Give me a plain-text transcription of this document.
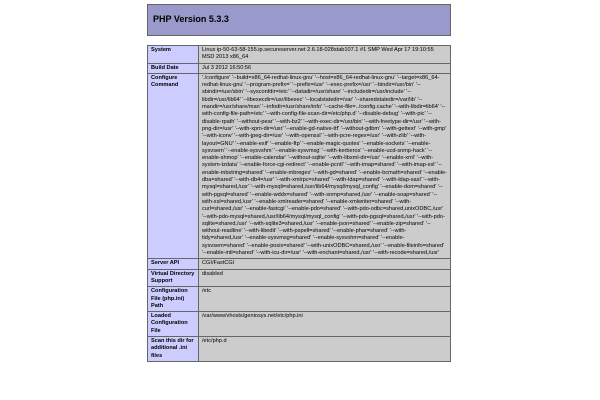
PHP Version 5.3.3
System	Linux ip-50-63-58-155.ip.secureserver.net 2.6.18-028stab107.1 #1 SMP Wed Apr 17 19:10:55 MSD 2013 x86_64
Build Date	Jul 3 2012 16:50:56
Configure Command	'./configure' '--build=x86_64-redhat-linux-gnu' '--host=x86_64-redhat-linux-gnu' '--target=x86_64-redhat-linux-gnu' '--program-prefix=' '--prefix=/usr' '--exec-prefix=/usr' '--bindir=/usr/bin' '--sbindir=/usr/sbin' '--sysconfdir=/etc' '--datadir=/usr/share' '--includedir=/usr/include' '--libdir=/usr/lib64' '--libexecdir=/usr/libexec' '--localstatedir=/var' '--sharedstatedir=/var/lib' '--mandir=/usr/share/man' '--infodir=/usr/share/info' '--cache-file=../config.cache' '--with-libdir=lib64' '--with-config-file-path=/etc' '--with-config-file-scan-dir=/etc/php.d' '--disable-debug' '--with-pic' '--disable-rpath' '--without-pear' '--with-bz2' '--with-exec-dir=/usr/bin' '--with-freetype-dir=/usr' '--with-png-dir=/usr' '--with-xpm-dir=/usr' '--enable-gd-native-ttf' '--without-gdbm' '--with-gettext' '--with-gmp' '--with-iconv' '--with-jpeg-dir=/usr' '--with-openssl' '--with-pcre-regex=/usr' '--with-zlib' '--with-layout=GNU' '--enable-exif' '--enable-ftp' '--enable-magic-quotes' '--enable-sockets' '--enable-sysvsem' '--enable-sysvshm' '--enable-sysvmsg' '--with-kerberos' '--enable-ucd-snmp-hack' '--enable-shmop' '--enable-calendar' '--without-sqlite' '--with-libxml-dir=/usr' '--enable-xml' '--with-system-tzdata' '--enable-force-cgi-redirect' '--enable-pcntl' '--with-imap=shared' '--with-imap-ssl' '--enable-mbstring=shared' '--enable-mbregex' '--with-gd=shared' '--enable-bcmath=shared' '--enable-dba=shared' '--with-db4=/usr' '--with-xmlrpc=shared' '--with-ldap=shared' '--with-ldap-sasl' '--with-mysql=shared,/usr' '--with-mysqli=shared,/usr/lib64/mysql/mysql_config' '--enable-dom=shared' '--with-pgsql=shared' '--enable-wddx=shared' '--with-snmp=shared,/usr' '--enable-soap=shared' '--with-xsl=shared,/usr' '--enable-xmlreader=shared' '--enable-xmlwriter=shared' '--with-curl=shared,/usr' '--enable-fastcgi' '--enable-pdo=shared' '--with-pdo-odbc=shared,unixODBC,/usr' '--with-pdo-mysql=shared,/usr/lib64/mysql/mysql_config' '--with-pdo-pgsql=shared,/usr' '--with-pdo-sqlite=shared,/usr' '--with-sqlite3=shared,/usr' '--enable-json=shared' '--enable-zip=shared' '--without-readline' '--with-libedit' '--with-pspell=shared' '--enable-phar=shared' '--with-tidy=shared,/usr' '--enable-sysvmsg=shared' '--enable-sysvshm=shared' '--enable-sysvsem=shared' '--enable-posix=shared' '--with-unixODBC=shared,/usr' '--enable-fileinfo=shared' '--enable-intl=shared' '--with-icu-dir=/usr' '--with-enchant=shared,/usr' '--with-recode=shared,/usr'
Server API	CGI/FastCGI
Virtual Directory Support	disabled
Configuration File (php.ini) Path	/etc
Loaded Configuration File	/var/www/vhosts/geniosys.net/etc/php.ini
Scan this dir for additional .ini files	/etc/php.d
